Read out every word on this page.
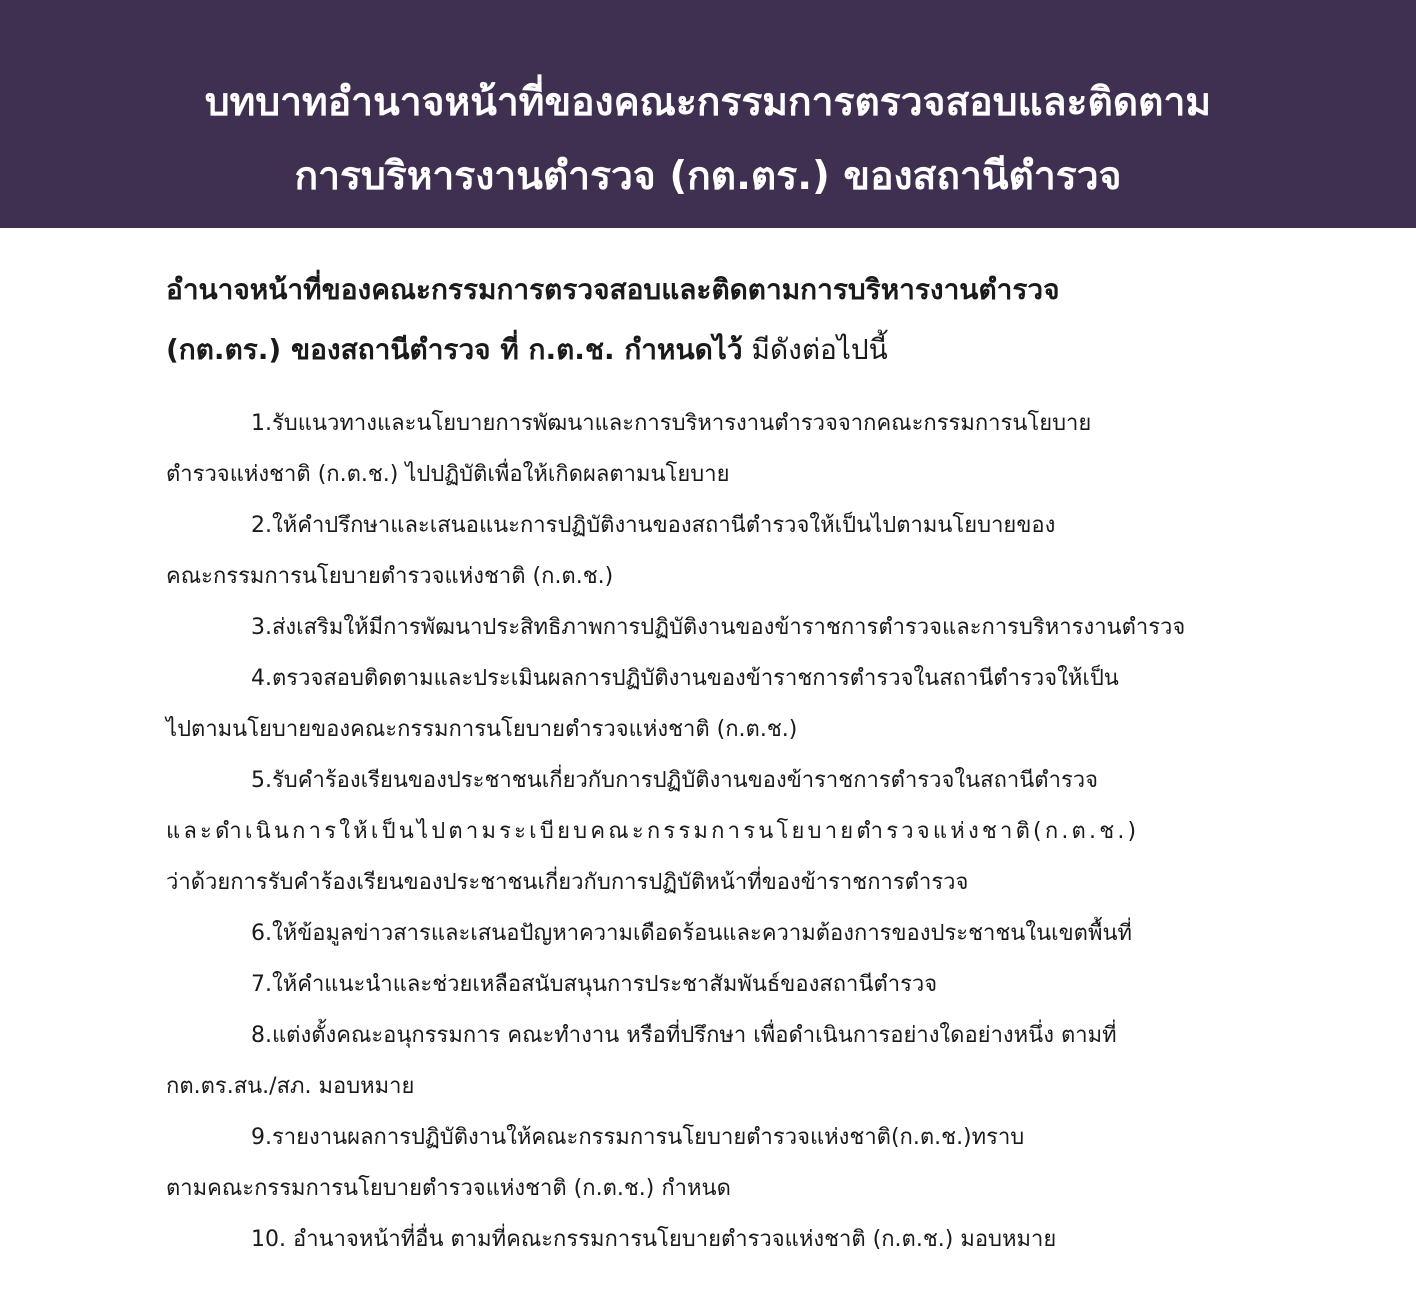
บทบาทอำนาจหน้าที่ของคณะกรรมการตรวจสอบและติดตาม
การบริหารงานตำรวจ (กต.ตร.) ของสถานีตำรวจ
อำนาจหน้าที่ของคณะกรรมการตรวจสอบและติดตามการบริหารงานตำรวจ
(กต.ตร.) ของสถานีตำรวจ ที่ ก.ต.ช. กำหนดไว้ มีดังต่อไปนี้

1.รับแนวทางและนโยบายการพัฒนาและการบริหารงานตำรวจจากคณะกรรมการนโยบาย
ตำรวจแห่งชาติ (ก.ต.ช.) ไปปฏิบัติเพื่อให้เกิดผลตามนโยบาย

2.ให้คำปรึกษาและเสนอแนะการปฏิบัติงานของสถานีตำรวจให้เป็นไปตามนโยบายของ
คณะกรรมการนโยบายตำรวจแห่งชาติ (ก.ต.ช.)

3.ส่งเสริมให้มีการพัฒนาประสิทธิภาพการปฏิบัติงานของข้าราชการตำรวจและการบริหารงานตำรวจ

4.ตรวจสอบติดตามและประเมินผลการปฏิบัติงานของข้าราชการตำรวจในสถานีตำรวจให้เป็น
ไปตามนโยบายของคณะกรรมการนโยบายตำรวจแห่งชาติ (ก.ต.ช.)

5.รับคำร้องเรียนของประชาชนเกี่ยวกับการปฏิบัติงานของข้าราชการตำรวจในสถานีตำรวจ
และดำเนินการให้เป็นไปตามระเบียบคณะกรรมการนโยบายตำรวจแห่งชาติ(ก.ต.ช.)
ว่าด้วยการรับคำร้องเรียนของประชาชนเกี่ยวกับการปฏิบัติหน้าที่ของข้าราชการตำรวจ

6.ให้ข้อมูลข่าวสารและเสนอปัญหาความเดือดร้อนและความต้องการของประชาชนในเขตพื้นที่

7.ให้คำแนะนำและช่วยเหลือสนับสนุนการประชาสัมพันธ์ของสถานีตำรวจ

8.แต่งตั้งคณะอนุกรรมการ คณะทำงาน หรือที่ปรึกษา เพื่อดำเนินการอย่างใดอย่างหนึ่ง ตามที่
กต.ตร.สน./สภ. มอบหมาย

9.รายงานผลการปฏิบัติงานให้คณะกรรมการนโยบายตำรวจแห่งชาติ(ก.ต.ช.)ทราบ
ตามคณะกรรมการนโยบายตำรวจแห่งชาติ (ก.ต.ช.) กำหนด

10. อำนาจหน้าที่อื่น ตามที่คณะกรรมการนโยบายตำรวจแห่งชาติ (ก.ต.ช.) มอบหมาย
